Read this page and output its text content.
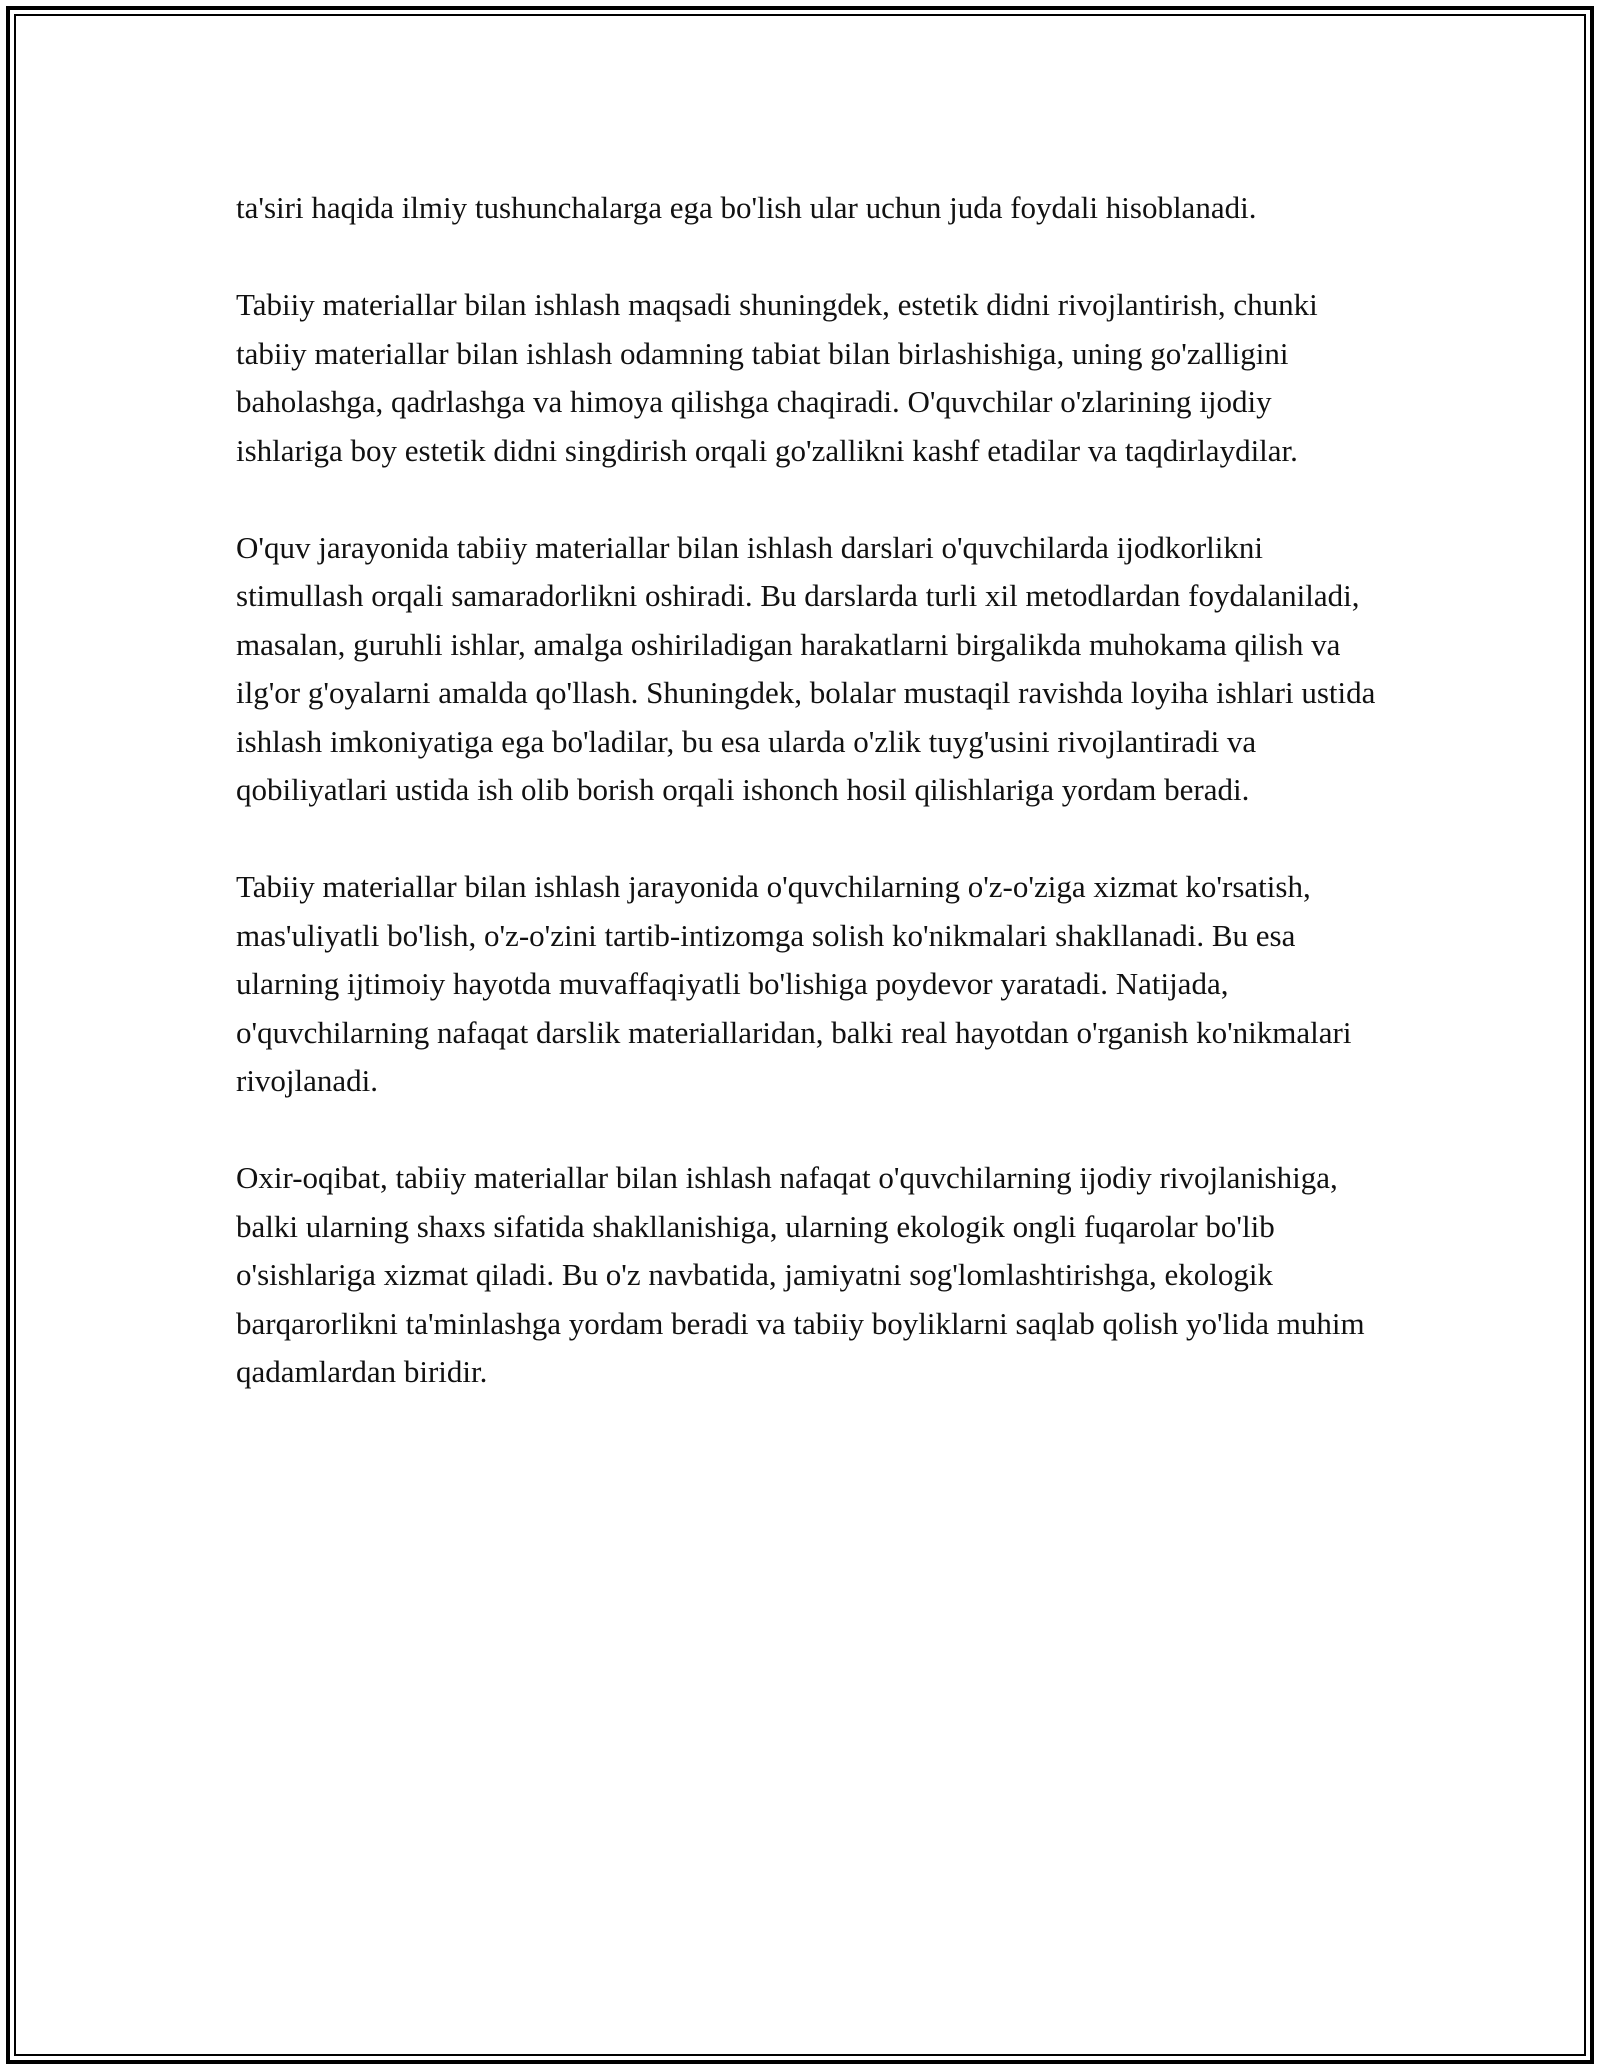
ta'siri haqida ilmiy tushunchalarga ega bo'lish ular uchun juda foydali hisoblanadi.

Tabiiy materiallar bilan ishlash maqsadi shuningdek, estetik didni rivojlantirish, chunki tabiiy materiallar bilan ishlash odamning tabiat bilan birlashishiga, uning go'zalligini baholashga, qadrlashga va himoya qilishga chaqiradi. O'quvchilar o'zlarining ijodiy ishlariga boy estetik didni singdirish orqali go'zallikni kashf etadilar va taqdirlaydilar.

O'quv jarayonida tabiiy materiallar bilan ishlash darslari o'quvchilarda ijodkorlikni stimullash orqali samaradorlikni oshiradi. Bu darslarda turli xil metodlardan foydalaniladi, masalan, guruhli ishlar, amalga oshiriladigan harakatlarni birgalikda muhokama qilish va ilg'or g'oyalarni amalda qo'llash. Shuningdek, bolalar mustaqil ravishda loyiha ishlari ustida ishlash imkoniyatiga ega bo'ladilar, bu esa ularda o'zlik tuyg'usini rivojlantiradi va qobiliyatlari ustida ish olib borish orqali ishonch hosil qilishlariga yordam beradi.

Tabiiy materiallar bilan ishlash jarayonida o'quvchilarning o'z-o'ziga xizmat ko'rsatish, mas'uliyatli bo'lish, o'z-o'zini tartib-intizomga solish ko'nikmalari shakllanadi. Bu esa ularning ijtimoiy hayotda muvaffaqiyatli bo'lishiga poydevor yaratadi. Natijada, o'quvchilarning nafaqat darslik materiallaridan, balki real hayotdan o'rganish ko'nikmalari rivojlanadi.

Oxir-oqibat, tabiiy materiallar bilan ishlash nafaqat o'quvchilarning ijodiy rivojlanishiga, balki ularning shaxs sifatida shakllanishiga, ularning ekologik ongli fuqarolar bo'lib o'sishlariga xizmat qiladi. Bu o'z navbatida, jamiyatni sog'lomlashtirishga, ekologik barqarorlikni ta'minlashga yordam beradi va tabiiy boyliklarni saqlab qolish yo'lida muhim qadamlardan biridir.
